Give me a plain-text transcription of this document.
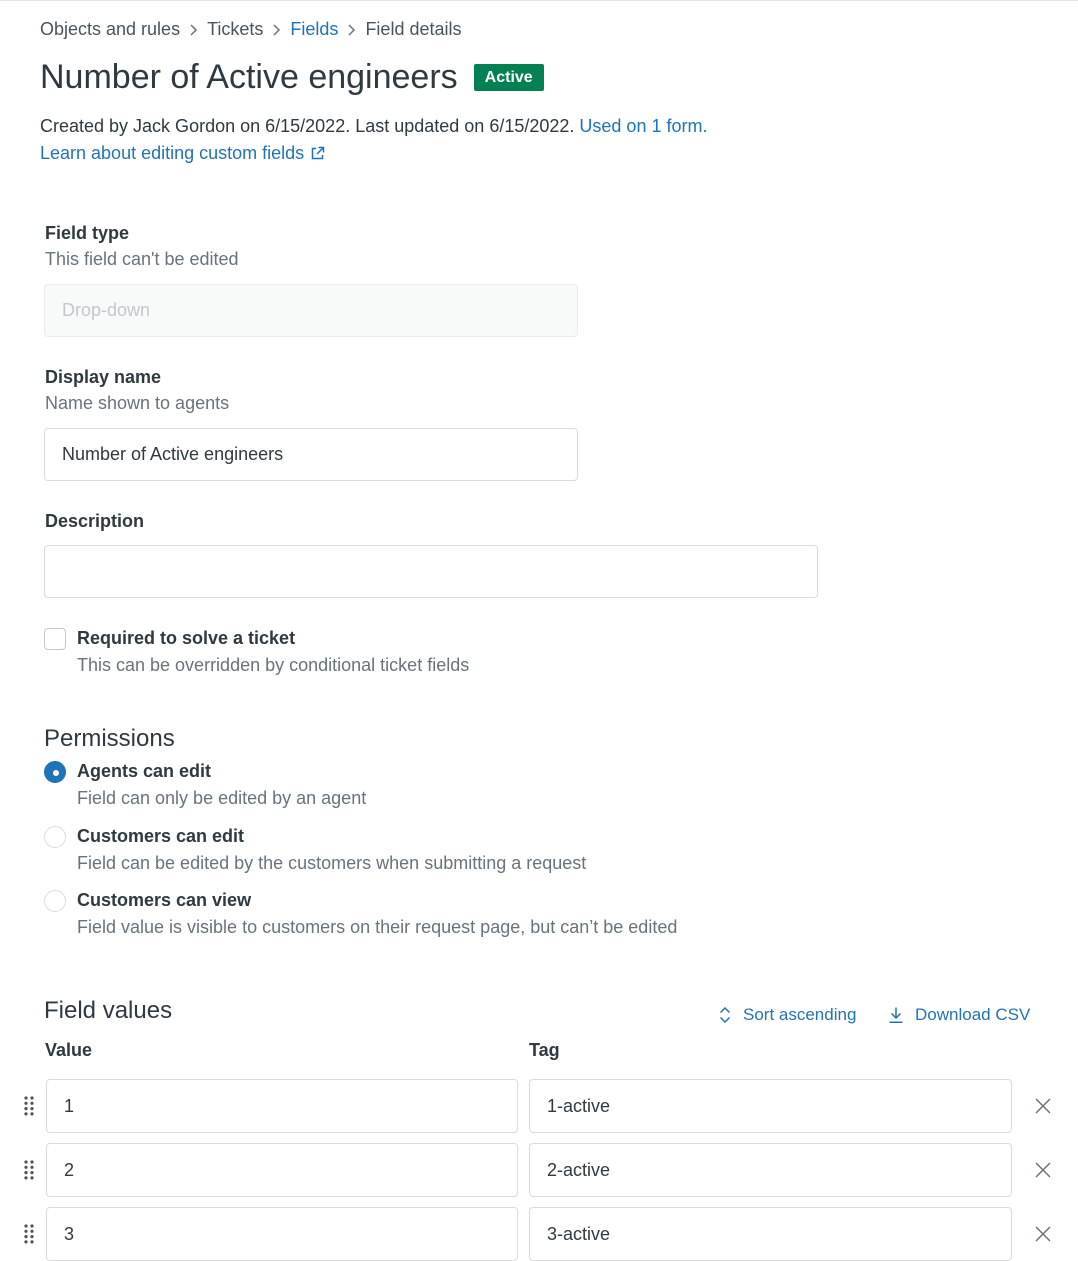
Objects and rules Tickets Fields Field details
Number of Active engineers	Active
Created by Jack Gordon on 6/15/2022. Last updated on 6/15/2022. Used on 1 form.
Learn about editing custom fields
Field type
This field can't be edited
Drop-down
Display name
Name shown to agents
Number of Active engineers
Description
Required to solve a ticket
This can be overridden by conditional ticket fields
Permissions
Agents can edit
Field can only be edited by an agent
Customers can edit
Field can be edited by the customers when submitting a request
Customers can view
Field value is visible to customers on their request page, but can’t be edited
Field values	Sort ascending	Download CSV
Value	Tag
1	1-active
2	2-active
3	3-active
